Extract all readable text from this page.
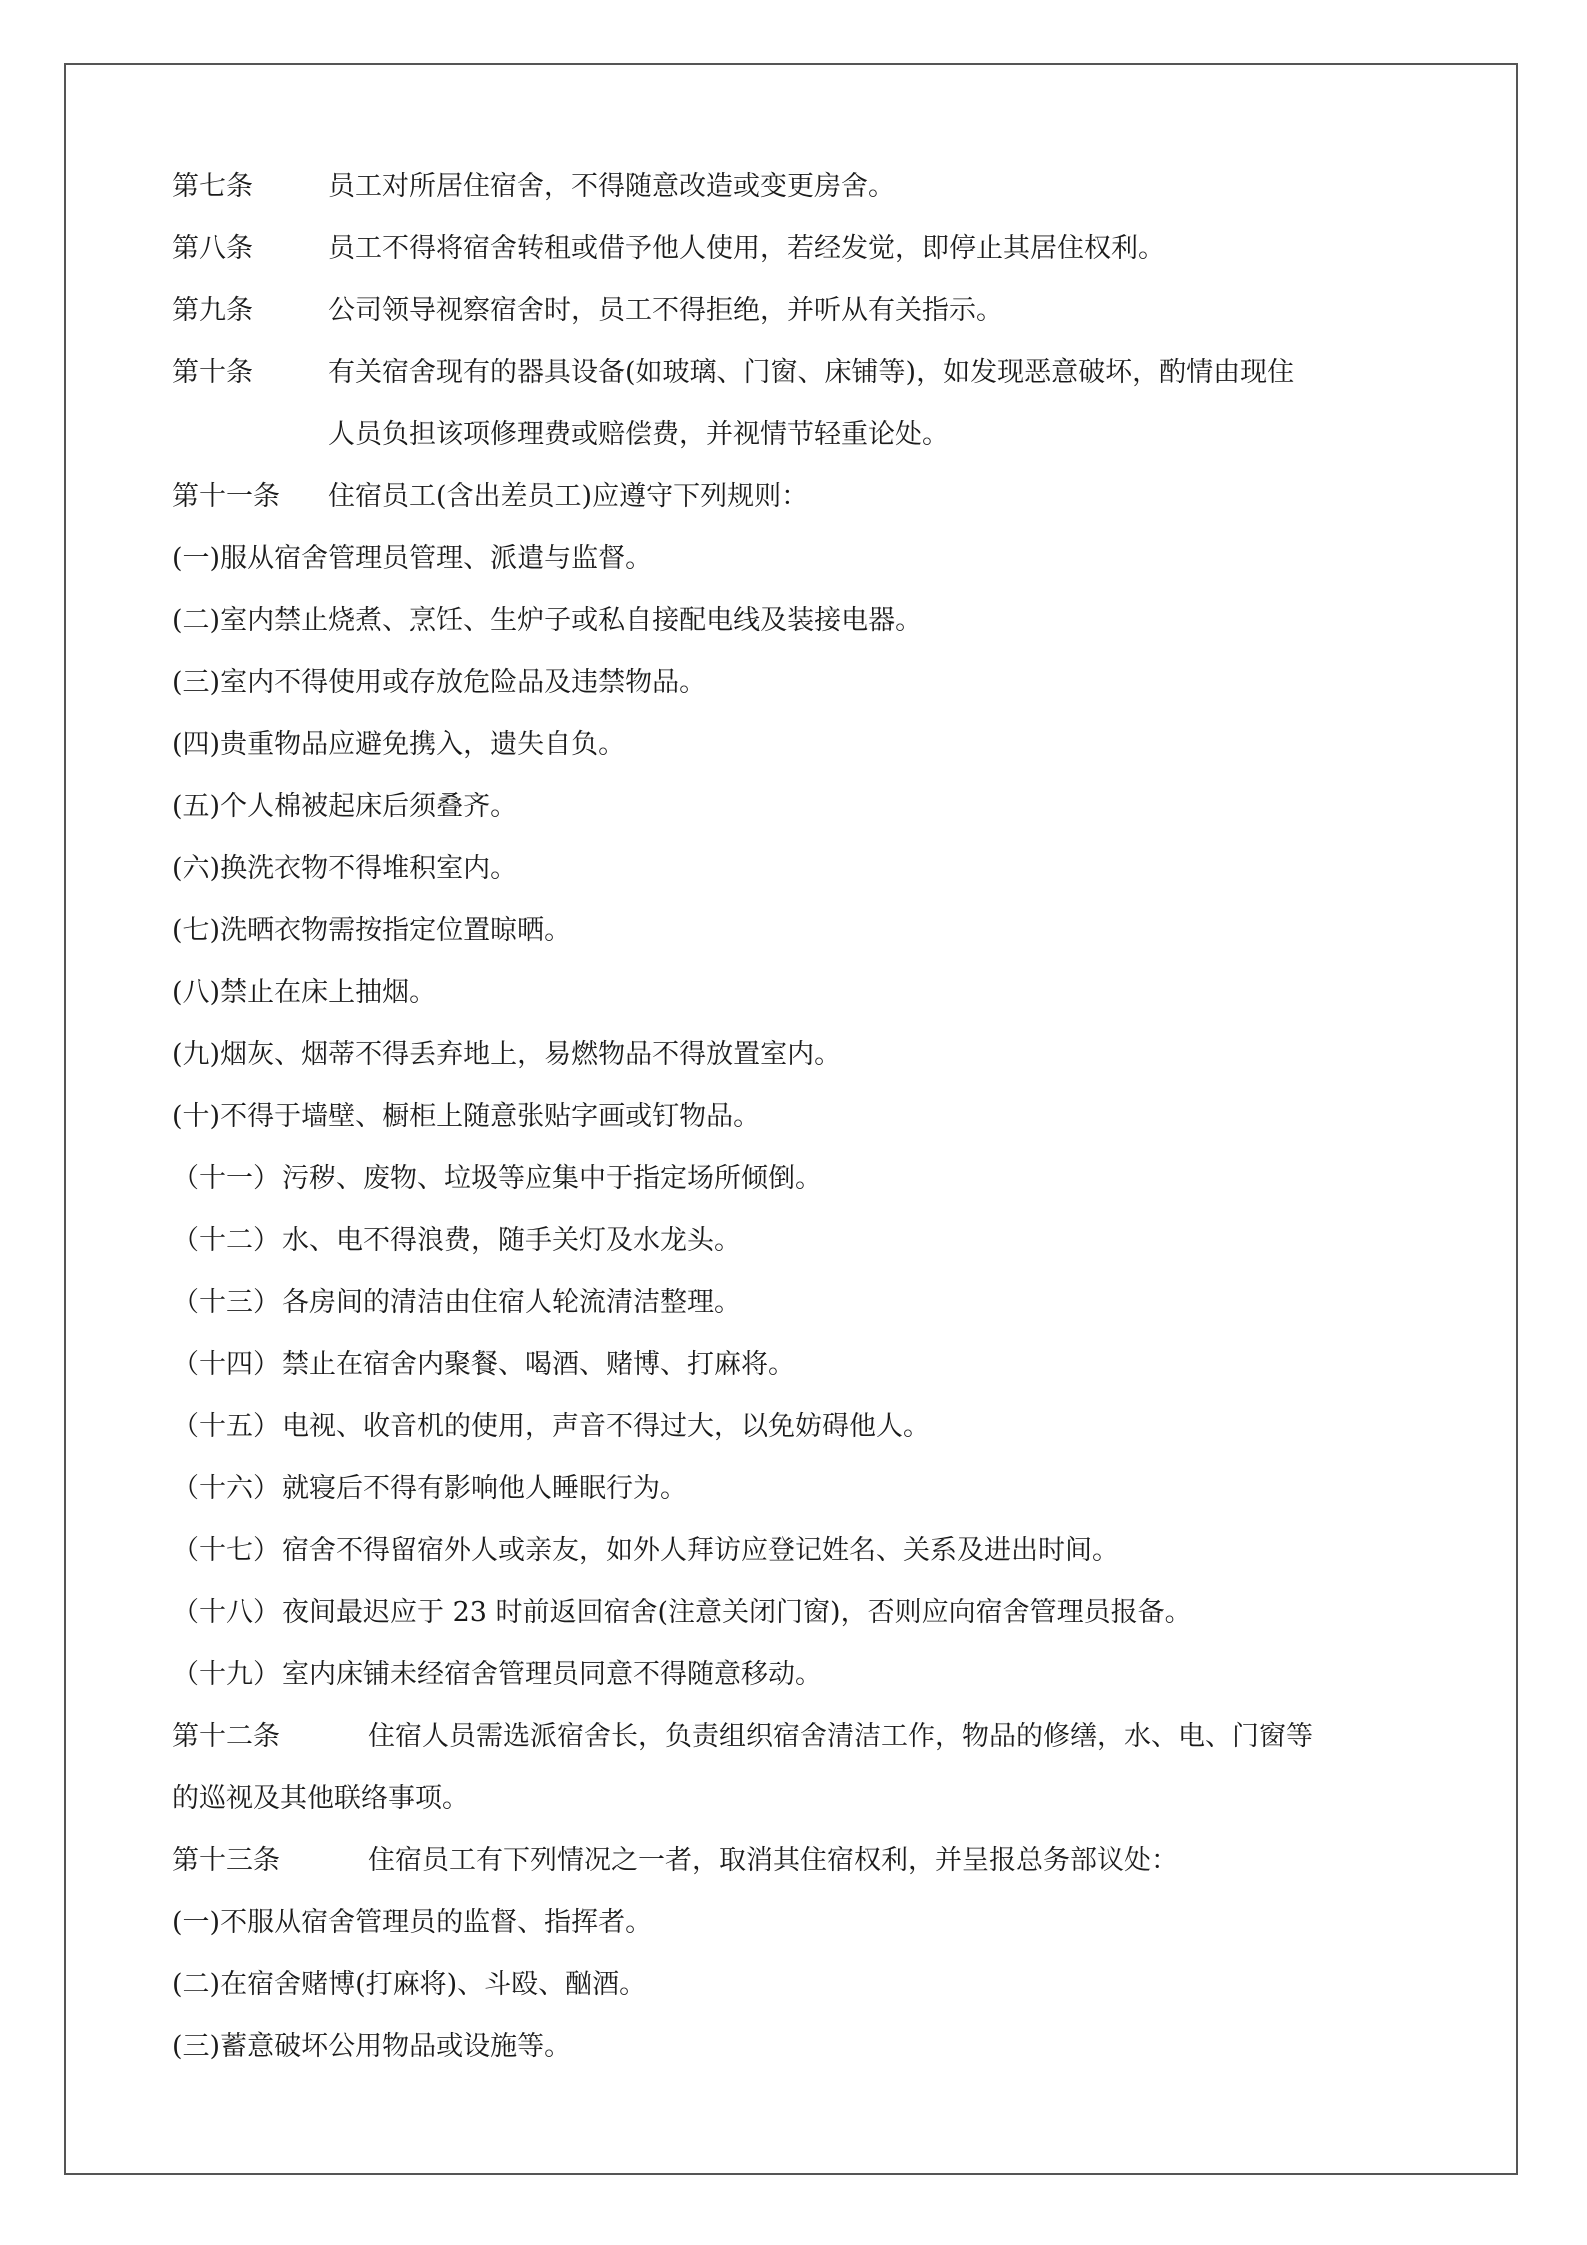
第七条	员工对所居住宿舍，不得随意改造或变更房舍。
第八条	员工不得将宿舍转租或借予他人使用，若经发觉，即停止其居住权利。
第九条	公司领导视察宿舍时，员工不得拒绝，并听从有关指示。
第十条	有关宿舍现有的器具设备(如玻璃、门窗、床铺等)，如发现恶意破坏，酌情由现住
人员负担该项修理费或赔偿费，并视情节轻重论处。
第十一条 住宿员工(含出差员工)应遵守下列规则：
(一)服从宿舍管理员管理、派遣与监督。
(二)室内禁止烧煮、烹饪、生炉子或私自接配电线及装接电器。
(三)室内不得使用或存放危险品及违禁物品。
(四)贵重物品应避免携入，遗失自负。
(五)个人棉被起床后须叠齐。
(六)换洗衣物不得堆积室内。
(七)洗晒衣物需按指定位置晾晒。
(八)禁止在床上抽烟。
(九)烟灰、烟蒂不得丢弃地上，易燃物品不得放置室内。
(十)不得于墙壁、橱柜上随意张贴字画或钉物品。
（十一）污秽、废物、垃圾等应集中于指定场所倾倒。
（十二）水、电不得浪费，随手关灯及水龙头。
（十三）各房间的清洁由住宿人轮流清洁整理。
（十四）禁止在宿舍内聚餐、喝酒、赌博、打麻将。
（十五）电视、收音机的使用，声音不得过大，以免妨碍他人。
（十六）就寝后不得有影响他人睡眠行为。
（十七）宿舍不得留宿外人或亲友，如外人拜访应登记姓名、关系及进出时间。
（十八）夜间最迟应于 23 时前返回宿舍(注意关闭门窗)，否则应向宿舍管理员报备。
（十九）室内床铺未经宿舍管理员同意不得随意移动。
第十二条	住宿人员需选派宿舍长，负责组织宿舍清洁工作，物品的修缮，水、电、门窗等
的巡视及其他联络事项。
第十三条	住宿员工有下列情况之一者，取消其住宿权利，并呈报总务部议处：
(一)不服从宿舍管理员的监督、指挥者。
(二)在宿舍赌博(打麻将)、斗殴、酗酒。
(三)蓄意破坏公用物品或设施等。
